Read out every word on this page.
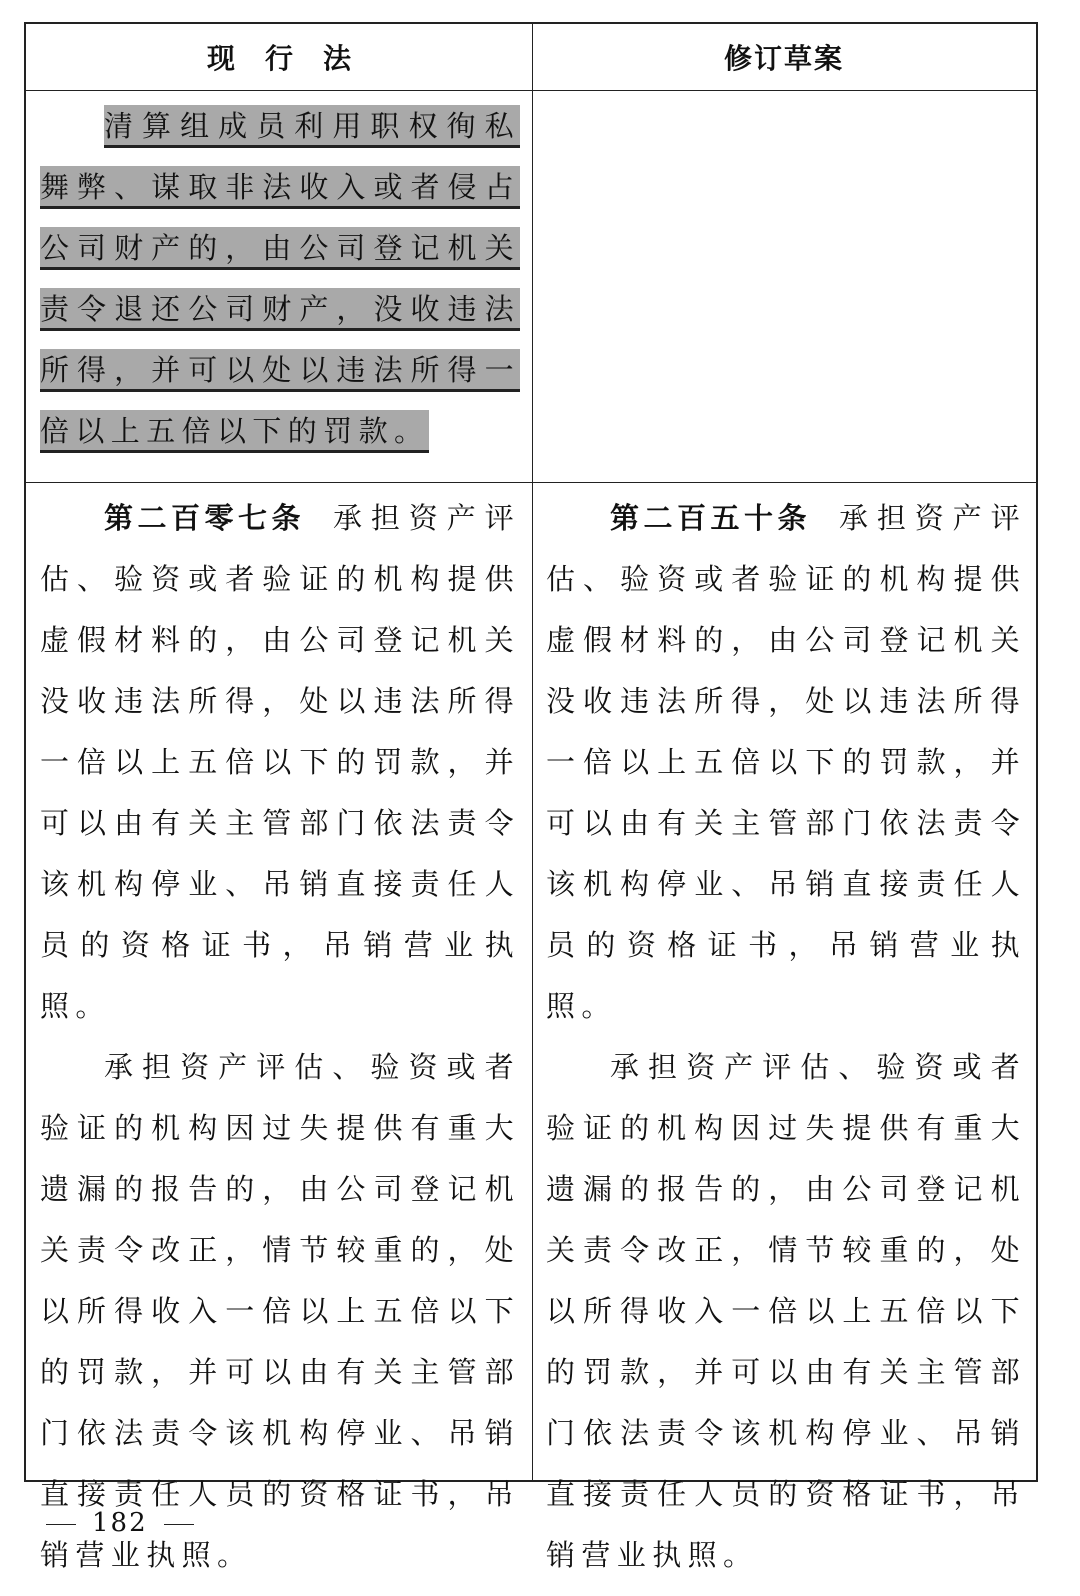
现行法	修订草案

清算组成员利用职权徇私舞弊、谋取非法收入或者侵占公司财产的，由公司登记机关责令退还公司财产，没收违法所得，并可以处以违法所得一倍以上五倍以下的罚款。

第二百零七条 承担资产评估、验资或者验证的机构提供虚假材料的，由公司登记机关没收违法所得，处以违法所得一倍以上五倍以下的罚款，并可以由有关主管部门依法责令该机构停业、吊销直接责任人员的资格证书，吊销营业执照。

承担资产评估、验资或者验证的机构因过失提供有重大遗漏的报告的，由公司登记机关责令改正，情节较重的，处以所得收入一倍以上五倍以下的罚款，并可以由有关主管部门依法责令该机构停业、吊销直接责任人员的资格证书，吊销营业执照。

第二百五十条 承担资产评估、验资或者验证的机构提供虚假材料的，由公司登记机关没收违法所得，处以违法所得一倍以上五倍以下的罚款，并可以由有关主管部门依法责令该机构停业、吊销直接责任人员的资格证书，吊销营业执照。

承担资产评估、验资或者验证的机构因过失提供有重大遗漏的报告的，由公司登记机关责令改正，情节较重的，处以所得收入一倍以上五倍以下的罚款，并可以由有关主管部门依法责令该机构停业、吊销直接责任人员的资格证书，吊销营业执照。

182
